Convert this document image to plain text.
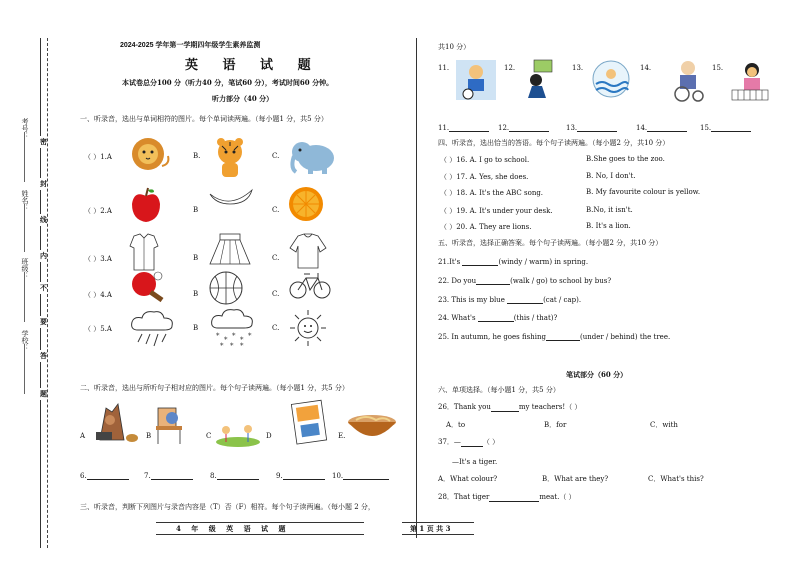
考号：
姓名：
班级：
学校：
密
封
线
内
不
要
答
题
2024-2025 学年第一学期四年级学生素养监测
英 语 试 题
本试卷总分100 分（听力40 分，笔试60 分），考试时间60 分钟。
听力部分（40 分）
一、听录音，选出与单词相符的图片。每个单词读两遍。（每小题1 分，共5 分）
（ ）1.A	B.	C.
（ ）2.A	B	C.
（ ）3.A	B	C.
（ ）4.A	B	C.
（ ）5.A	B	C.
* * * * *
* * *
二、听录音，选出与所听句子相对应的图片。每个句子读两遍。（每小题1 分，共5 分）
A	B	C	D	E.
6.	7.	8.	9.	10.
三、听录音，判断下列图片与录音内容是（T）否（F）相符。每个句子读两遍。（每小题 2 分，
4 年 级 英 语 试 题	第 1 页 共 3
共10 分）
11.	12.	13.	14.	15.
11.	12.	13.	14.	15.
四、听录音，选出恰当的答语。每个句子读两遍。（每小题2 分，共10 分）
（ ）16. A. I go to school.	B.She goes to the zoo.
（ ）17. A. Yes, she does.	B. No, I don't.
（ ）18. A. It's the ABC song.	B. My favourite colour is yellow.
（ ）19. A. It's under your desk.	B.No, it isn't.
（ ）20. A. They are lions.	B. It's a lion.
五、听录音，选择正确答案。每个句子读两遍。（每小题2 分，共10 分）
21.It's	(windy / warm) in spring.
22. Do you	(walk / go) to school by bus?
23. This is my blue	(cat / cap).
24. What's	(this / that)?
25. In autumn, he goes fishing	(under / behind) the tree.
笔试部分（60 分）
六、单项选择。（每小题1 分，共5 分）
26．Thank you	my teachers!（ ）
A．to	B．for	C．with
37．—	（ ）
—It's a tiger.
A．What colour?	B．What are they?	C．What's this?
28．That tiger	meat.（ ）
